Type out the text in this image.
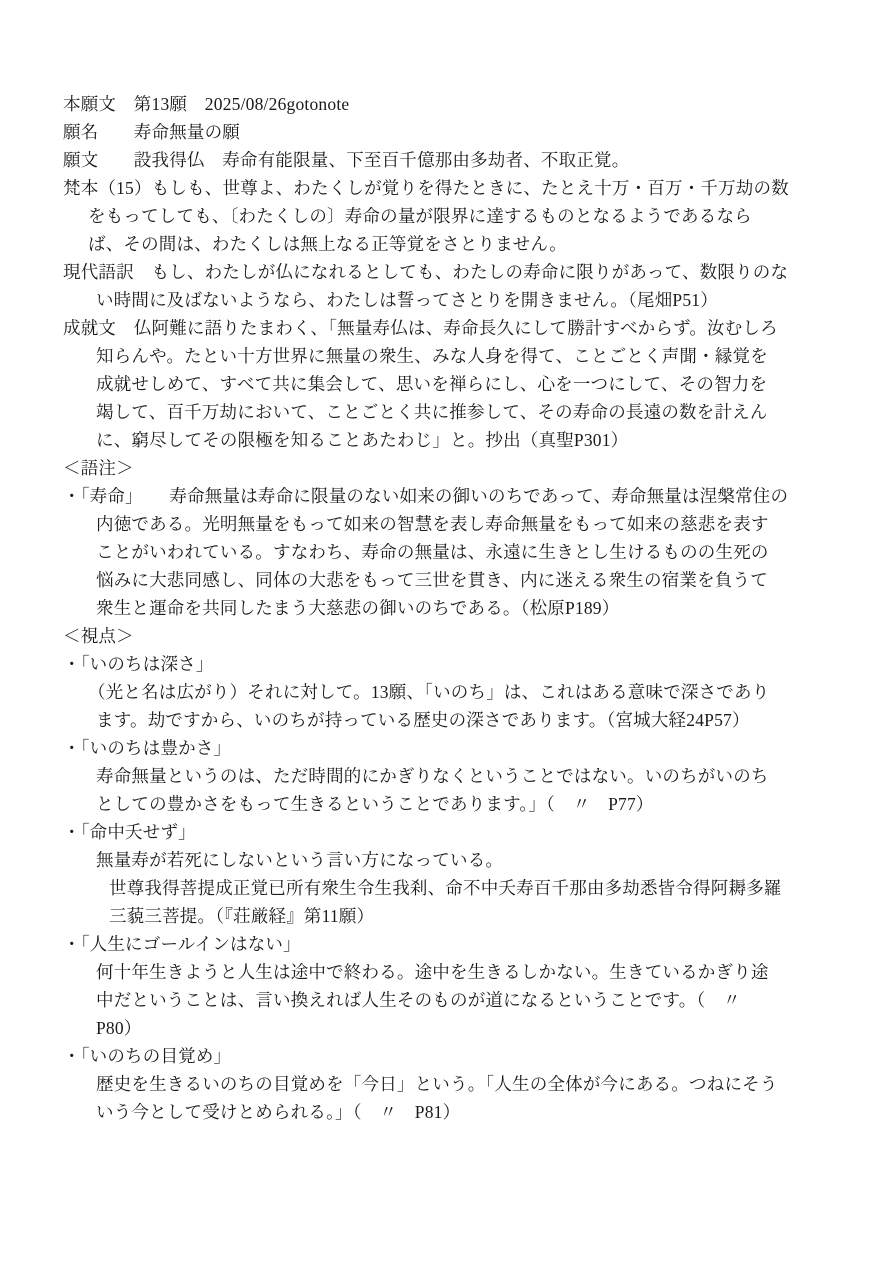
本願文　第13願　2025/08/26gotonote
願名　　寿命無量の願
願文　　設我得仏　寿命有能限量、下至百千億那由多劫者、不取正覚。
梵本（15）もしも、世尊よ、わたくしが覚りを得たときに、たとえ十万・百万・千万劫の数
をもってしても、〔わたくしの〕寿命の量が限界に達するものとなるようであるなら
ば、その間は、わたくしは無上なる正等覚をさとりません。
現代語訳　もし、わたしが仏になれるとしても、わたしの寿命に限りがあって、数限りのな
い時間に及ばないようなら、わたしは誓ってさとりを開きません。（尾畑P51）
成就文　仏阿難に語りたまわく、「無量寿仏は、寿命長久にして勝計すべからず。汝むしろ
知らんや。たとい十方世界に無量の衆生、みな人身を得て、ことごとく声聞・縁覚を
成就せしめて、すべて共に集会して、思いを禅らにし、心を一つにして、その智力を
竭して、百千万劫において、ことごとく共に推参して、その寿命の長遠の数を計えん
に、窮尽してその限極を知ることあたわじ」と。抄出（真聖P301）
＜語注＞
・「寿命」　　寿命無量は寿命に限量のない如来の御いのちであって、寿命無量は涅槃常住の
内徳である。光明無量をもって如来の智慧を表し寿命無量をもって如来の慈悲を表す
ことがいわれている。すなわち、寿命の無量は、永遠に生きとし生けるものの生死の
悩みに大悲同感し、同体の大悲をもって三世を貫き、内に迷える衆生の宿業を負うて
衆生と運命を共同したまう大慈悲の御いのちである。（松原P189）
＜視点＞
・「いのちは深さ」
（光と名は広がり）それに対して。13願、「いのち」は、これはある意味で深さであり
ます。劫ですから、いのちが持っている歴史の深さであります。（宮城大経24P57）
・「いのちは豊かさ」
寿命無量というのは、ただ時間的にかぎりなくということではない。いのちがいのち
としての豊かさをもって生きるということであります。」（　〃　P77）
・「命中夭せず」
無量寿が若死にしないという言い方になっている。
世尊我得菩提成正覚已所有衆生令生我刹、命不中夭寿百千那由多劫悉皆令得阿耨多羅
三藐三菩提。（『荘厳経』第11願）
・「人生にゴールインはない」
何十年生きようと人生は途中で終わる。途中を生きるしかない。生きているかぎり途
中だということは、言い換えれば人生そのものが道になるということです。（　〃
P80）
・「いのちの目覚め」
歴史を生きるいのちの目覚めを「今日」という。「人生の全体が今にある。つねにそう
いう今として受けとめられる。」（　〃　P81）
